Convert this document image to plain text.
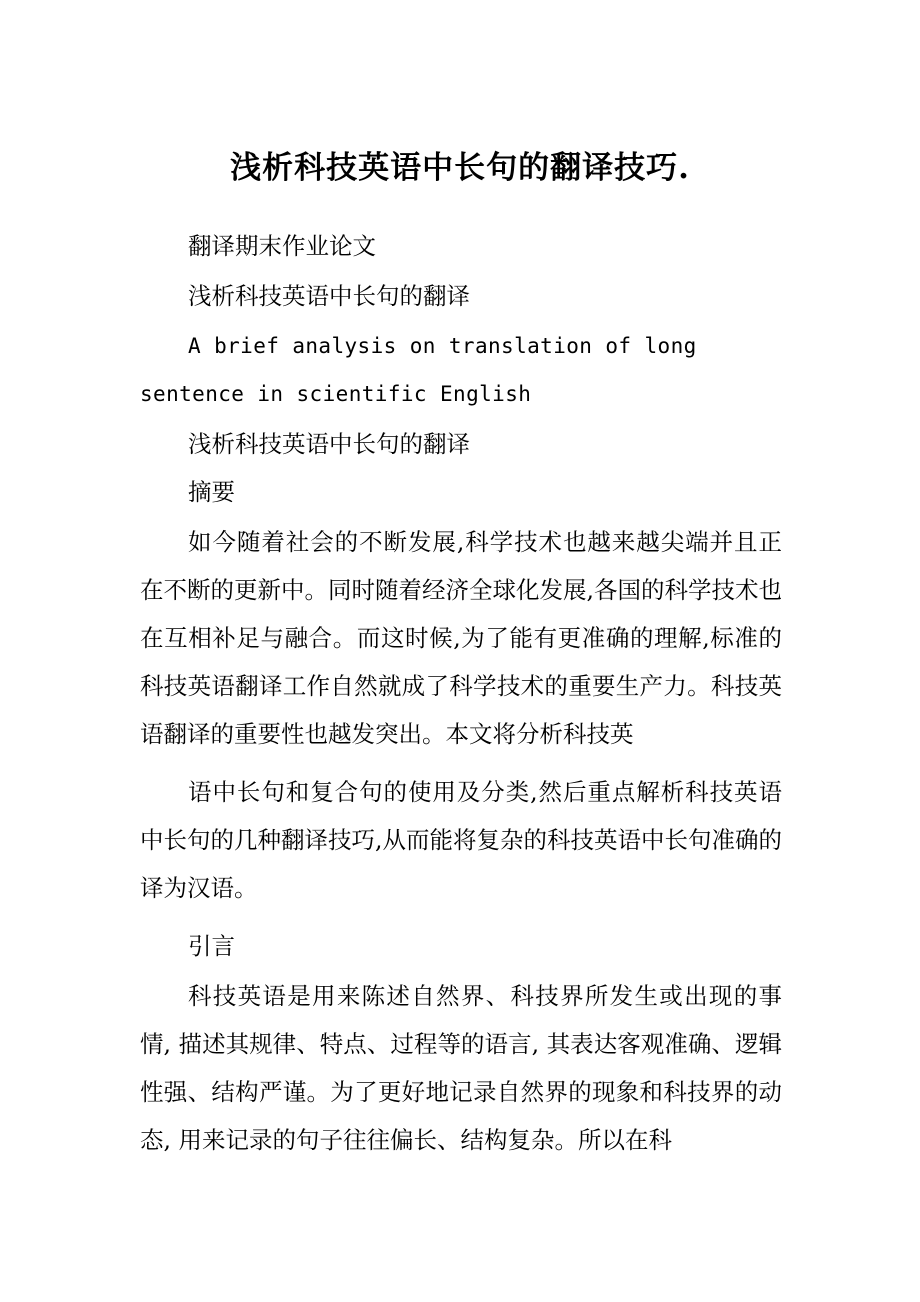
浅析科技英语中长句的翻译技巧.

翻译期末作业论文

浅析科技英语中长句的翻译

A brief analysis on translation of long sentence in scientific English

浅析科技英语中长句的翻译

摘要

如今随着社会的不断发展,科学技术也越来越尖端并且正在不断的更新中。同时随着经济全球化发展,各国的科学技术也在互相补足与融合。而这时候,为了能有更准确的理解,标准的科技英语翻译工作自然就成了科学技术的重要生产力。科技英语翻译的重要性也越发突出。本文将分析科技英

语中长句和复合句的使用及分类,然后重点解析科技英语中长句的几种翻译技巧,从而能将复杂的科技英语中长句准确的译为汉语。

引言

科技英语是用来陈述自然界、科技界所发生或出现的事情, 描述其规律、特点、过程等的语言, 其表达客观准确、逻辑性强、结构严谨。为了更好地记录自然界的现象和科技界的动态, 用来记录的句子往往偏长、结构复杂。所以在科
